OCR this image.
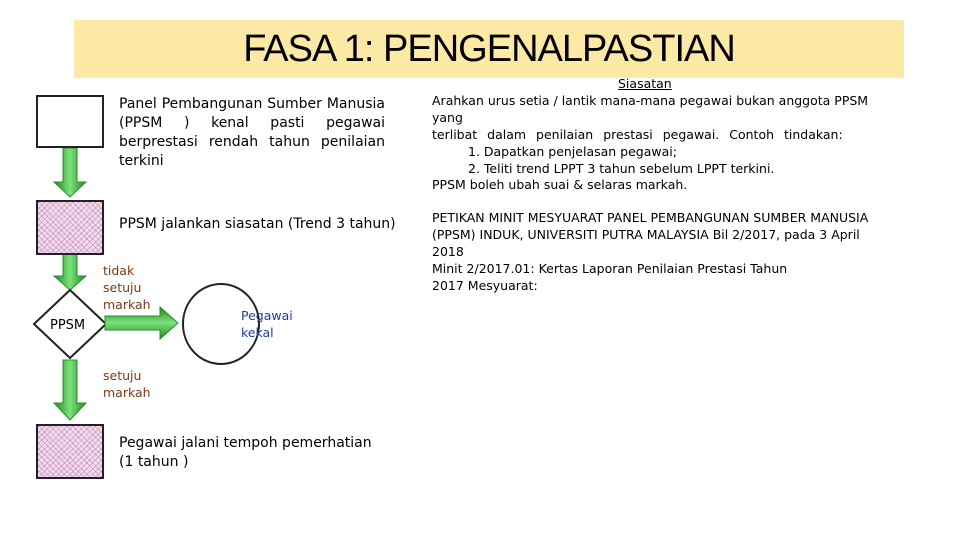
FASA 1: PENGENALPASTIAN
Panel Pembangunan Sumber Manusia (PPSM ) kenal pasti pegawai berprestasi rendah tahun penilaian terkini
PPSM jalankan siasatan (Trend 3 tahun)
PPSM
tidak
setuju
markah
Pegawai
kekal
setuju
markah
Pegawai jalani tempoh pemerhatian
(1 tahun )
Siasatan
Arahkan urus setia / lantik mana-mana pegawai bukan anggota PPSM yang
terlibat dalam penilaian prestasi pegawai. Contoh tindakan:
1. Dapatkan penjelasan pegawai;
2. Teliti trend LPPT 3 tahun sebelum LPPT terkini.
PPSM boleh ubah suai & selaras markah.
PETIKAN MINIT MESYUARAT PANEL PEMBANGUNAN SUMBER MANUSIA (PPSM) INDUK, UNIVERSITI PUTRA MALAYSIA Bil 2/2017, pada 3 April 2018
Minit 2/2017.01: Kertas Laporan Penilaian Prestasi Tahun 2017 Mesyuarat:
